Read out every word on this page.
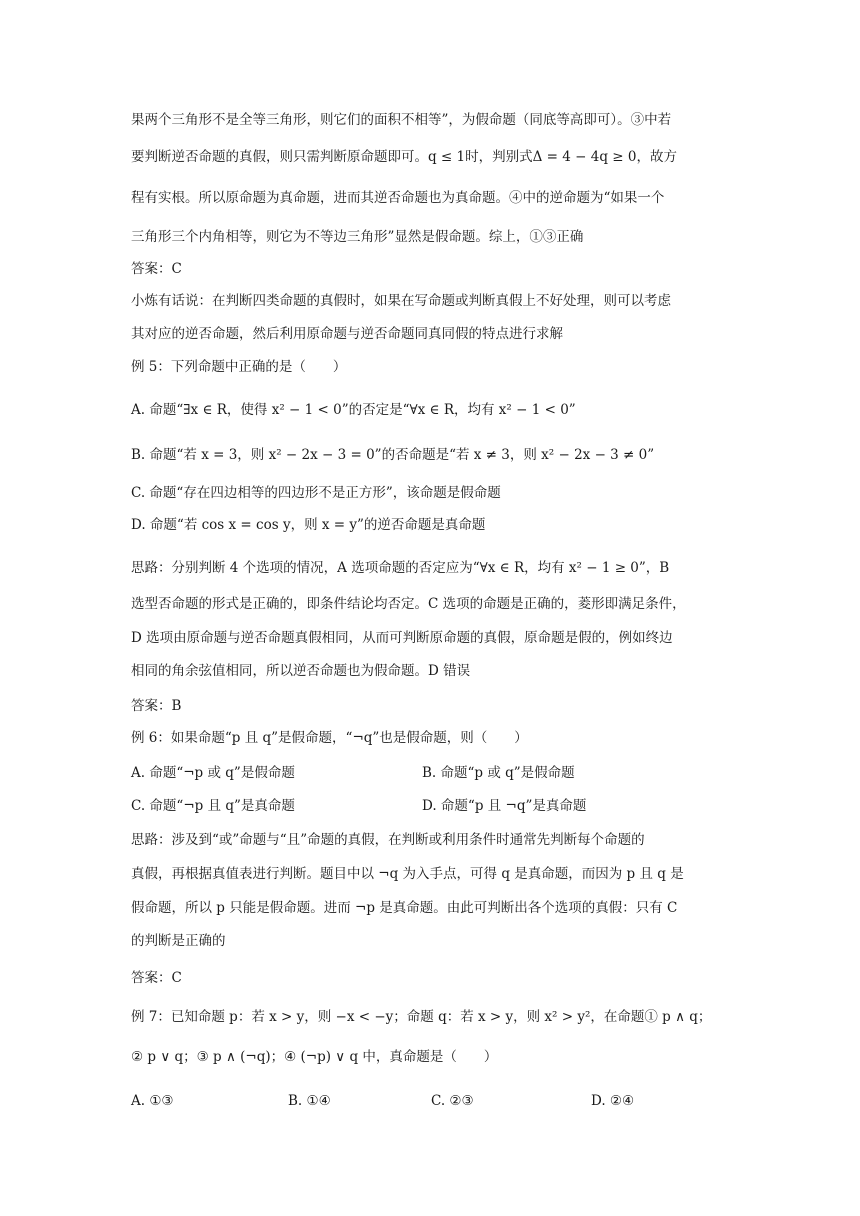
果两个三角形不是全等三角形，则它们的面积不相等”，为假命题（同底等高即可）。③中若
要判断逆否命题的真假，则只需判断原命题即可。q ≤ 1时，判别式Δ = 4 − 4q ≥ 0，故方
程有实根。所以原命题为真命题，进而其逆否命题也为真命题。④中的逆命题为“如果一个
三角形三个内角相等，则它为不等边三角形”显然是假命题。综上，①③正确
答案：C
小炼有话说：在判断四类命题的真假时，如果在写命题或判断真假上不好处理，则可以考虑
其对应的逆否命题，然后利用原命题与逆否命题同真同假的特点进行求解
例 5：下列命题中正确的是（　　）
A. 命题“∃x ∈ R，使得 x² − 1 < 0”的否定是“∀x ∈ R，均有 x² − 1 < 0”
B. 命题“若 x = 3，则 x² − 2x − 3 = 0”的否命题是“若 x ≠ 3，则 x² − 2x − 3 ≠ 0”
C. 命题“存在四边相等的四边形不是正方形”，该命题是假命题
D. 命题“若 cos x = cos y，则 x = y”的逆否命题是真命题
思路：分别判断 4 个选项的情况，A 选项命题的否定应为“∀x ∈ R，均有 x² − 1 ≥ 0”，B
选型否命题的形式是正确的，即条件结论均否定。C 选项的命题是正确的，菱形即满足条件，
D 选项由原命题与逆否命题真假相同，从而可判断原命题的真假，原命题是假的，例如终边
相同的角余弦值相同，所以逆否命题也为假命题。D 错误
答案：B
例 6：如果命题“p 且 q”是假命题，“¬q”也是假命题，则（　　）
A. 命题“¬p 或 q”是假命题	B. 命题“p 或 q”是假命题
C. 命题“¬p 且 q”是真命题	D. 命题“p 且 ¬q”是真命题
思路：涉及到“或”命题与“且”命题的真假，在判断或利用条件时通常先判断每个命题的
真假，再根据真值表进行判断。题目中以 ¬q 为入手点，可得 q 是真命题，而因为 p 且 q 是
假命题，所以 p 只能是假命题。进而 ¬p 是真命题。由此可判断出各个选项的真假：只有 C
的判断是正确的
答案：C
例 7：已知命题 p：若 x > y，则 −x < −y；命题 q：若 x > y，则 x² > y²，在命题① p ∧ q；
② p ∨ q；③ p ∧ (¬q)；④ (¬p) ∨ q 中，真命题是（　　）
A. ①③	B. ①④	C. ②③	D. ②④
